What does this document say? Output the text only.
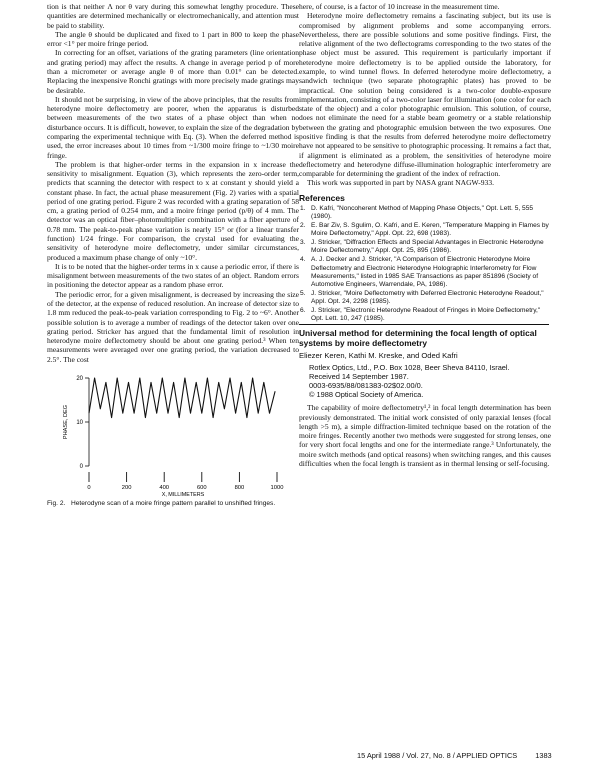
tion is that neither Λ nor θ vary during this somewhat lengthy procedure. These quantities are determined mechanically or electromechanically, and attention must be paid to stability.

The angle θ should be duplicated and fixed to 1 part in 800 to keep the phase error <1° per moire fringe period.

In correcting for an offset, variations of the grating parameters (line orientation and grating period) may affect the results. A change in average period p of more than a micrometer or average angle θ of more than 0.01° can be detected. Replacing the inexpensive Ronchi gratings with more precisely made gratings may be desirable.

It should not be surprising, in view of the above principles, that the results from heterodyne moire deflectometry are poorer, when the apparatus is disturbed between measurements of the two states of a phase object than when no disturbance occurs. It is difficult, however, to explain the size of the degradation by comparing the experimental technique with Eq. (3). When the deferred method is used, the error increases about 10 times from ~1/300 moire fringe to ~1/30 moire fringe.

The problem is that higher-order terms in the expansion in x increase the sensitivity to misalignment. Equation (3), which represents the zero-order term, predicts that scanning the detector with respect to x at constant y should yield a constant phase. In fact, the actual phase measurement (Fig. 2) varies with a spatial period of one grating period. Figure 2 was recorded with a grating separation of 58 cm, a grating period of 0.254 mm, and a moire fringe period (p/θ) of 4 mm. The detector was an optical fiber–photomultiplier combination with a fiber aperture of 0.78 mm. The peak-to-peak phase variation is nearly 15° or (for a linear transfer function) 1/24 fringe. For comparison, the crystal used for evaluating the sensitivity of heterodyne moire deflectometry, under similar circumstances, produced a maximum phase change of only ~10°.

It is to be noted that the higher-order terms in x cause a periodic error, if there is misalignment between measurements of the two states of an object. Random errors in positioning the detector appear as a random phase error.

The periodic error, for a given misalignment, is decreased by increasing the size of the detector, at the expense of reduced resolution. An increase of detector size to 1.8 mm reduced the peak-to-peak variation corresponding to Fig. 2 to ~6°. Another possible solution is to average a number of readings of the detector taken over one grating period. Stricker has argued that the fundamental limit of resolution in heterodyne moire deflectometry should be about one grating period.³ When ten measurements were averaged over one grating period, the variation decreased to 2.5°. The cost

0
10
20
0	200	400	600	800	1000
PHASE, DEG
X, MILLIMETERS
Fig. 2. Heterodyne scan of a moire fringe pattern parallel to unshifted fringes.

here, of course, is a factor of 10 increase in the measurement time.

Heterodyne moire deflectometry remains a fascinating subject, but its use is compromised by alignment problems and some accompanying errors. Nevertheless, there are possible solutions and some positive findings. First, the relative alignment of the two deflectograms corresponding to the two states of the phase object must be assured. This requirement is particularly important if heterodyne moire deflectometry is to be applied outside the laboratory, for example, to wind tunnel flows. In deferred heterodyne moire deflectometry, a sandwich technique (two separate photographic plates) has proved to be impractical. One solution being considered is a two-color double-exposure implementation, consisting of a two-color laser for illumination (one color for each state of the object) and a color photographic emulsion. This solution, of course, does not eliminate the need for a stable beam geometry or a stable relationship between the grating and photographic emulsion between the two exposures. One positive finding is that the results from deferred heterodyne moire deflectometry have not appeared to be sensitive to photographic processing. It remains a fact that, if alignment is eliminated as a problem, the sensitivities of heterodyne moire deflectometry and heterodyne diffuse-illumination holographic interferometry are comparable for determining the gradient of the index of refraction.

This work was supported in part by NASA grant NAGW-933.

References
1. D. Kafri, "Noncoherent Method of Mapping Phase Objects," Opt. Lett. 5, 555 (1980).
2. E. Bar Ziv, S. Sgulim, O. Kafri, and E. Keren, "Temperature Mapping in Flames by Moire Deflectometry," Appl. Opt. 22, 698 (1983).
3. J. Stricker, "Diffraction Effects and Special Advantages in Electronic Heterodyne Moire Deflectometry," Appl. Opt. 25, 895 (1986).
4. A. J. Decker and J. Stricker, "A Comparison of Electronic Heterodyne Moire Deflectometry and Electronic Heterodyne Holographic Interferometry for Flow Measurements," listed in 1985 SAE Transactions as paper 851896 (Society of Automotive Engineers, Warrendale, PA, 1986).
5. J. Stricker, "Moire Deflectometry with Deferred Electronic Heterodyne Readout," Appl. Opt. 24, 2298 (1985).
6. J. Stricker, "Electronic Heterodyne Readout of Fringes in Moire Deflectometry," Opt. Lett. 10, 247 (1985).
Universal method for determining the focal length of optical systems by moire deflectometry
Eliezer Keren, Kathi M. Kreske, and Oded Kafri
Rotlex Optics, Ltd., P.O. Box 1028, Beer Sheva 84110, Israel.
Received 14 September 1987.
0003-6935/88/081383-02$02.00/0.
© 1988 Optical Society of America.

The capability of moire deflectometry¹,² in focal length determination has been previously demonstrated. The initial work consisted of only paraxial lenses (focal length >5 m), a simple diffraction-limited technique based on the rotation of the moire fringes. Recently another two methods were suggested for strong lenses, one for very short focal lengths and one for the intermediate range.³ Unfortunately, the moire switch methods (and optical reasons) when switching ranges, and this causes difficulties when the focal length is transient as in thermal lensing or self-focusing.

15 April 1988 / Vol. 27, No. 8 / APPLIED OPTICS 1383
